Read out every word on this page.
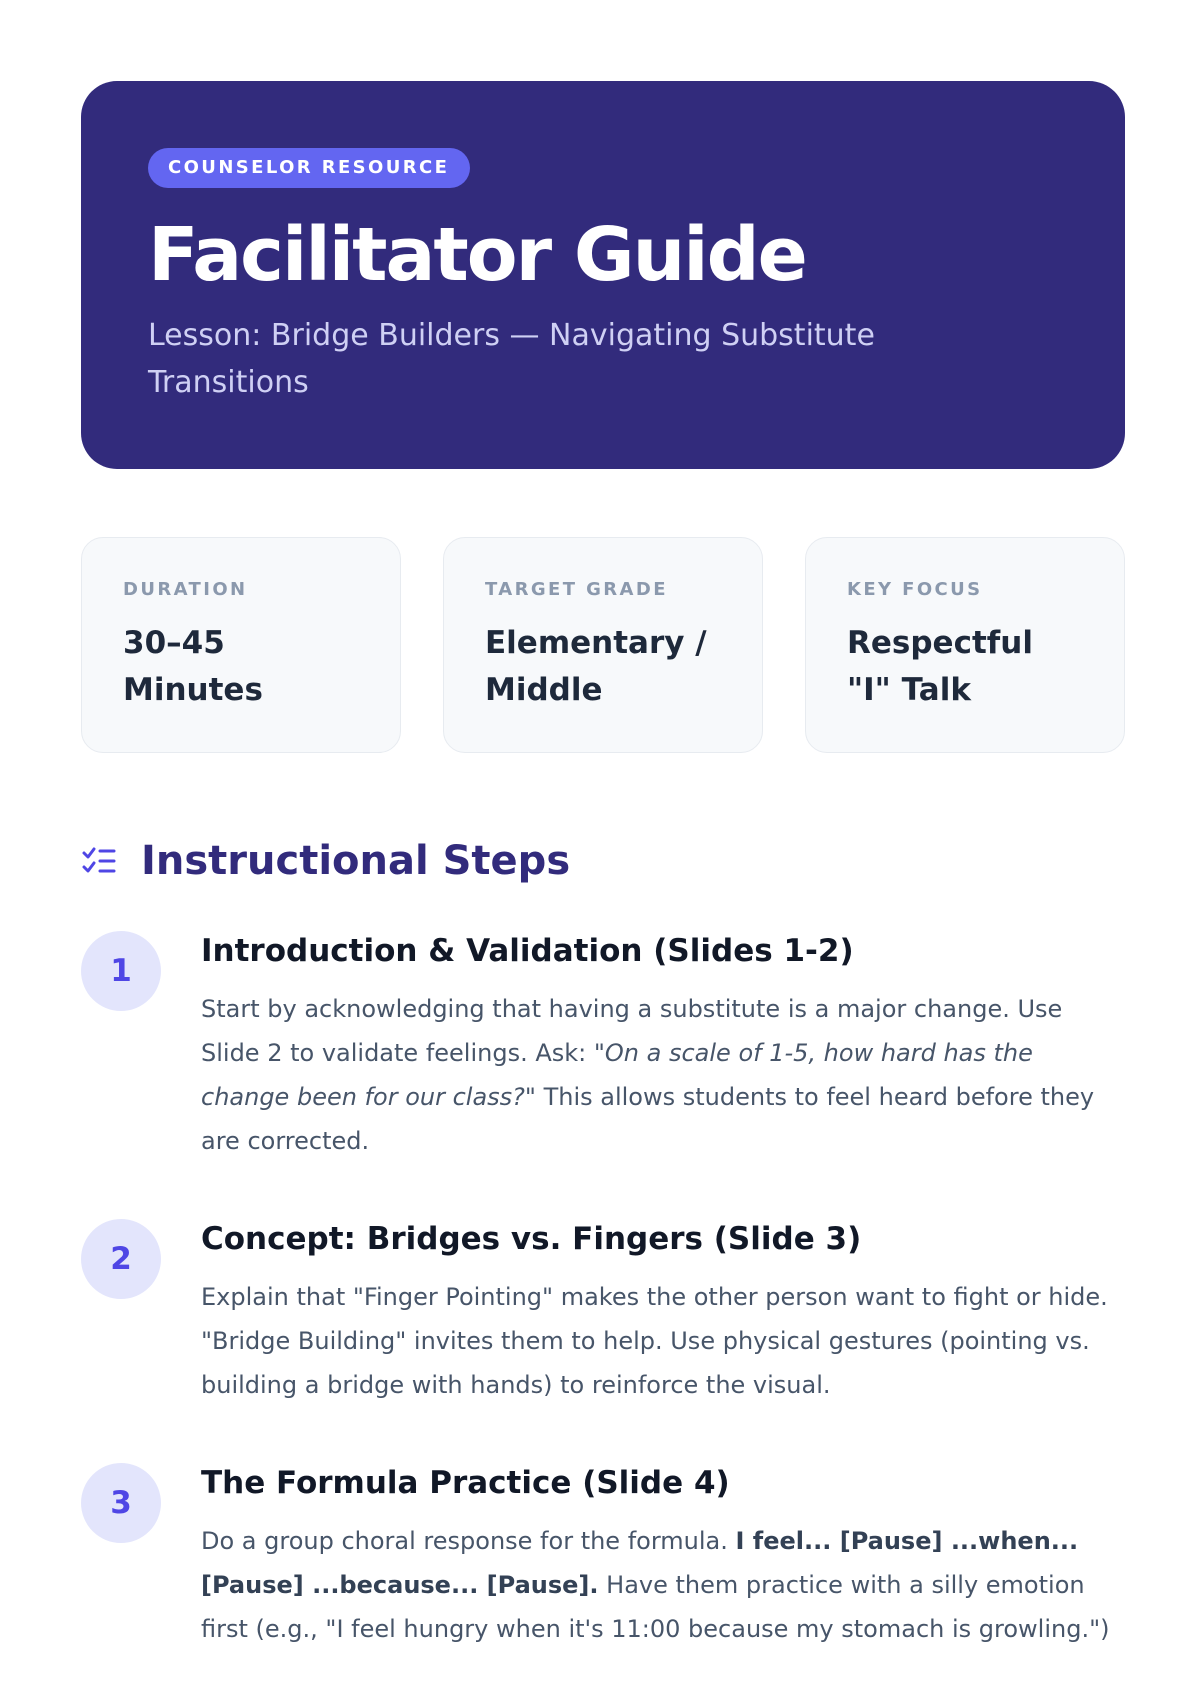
COUNSELOR RESOURCE
Facilitator Guide
Lesson: Bridge Builders — Navigating Substitute Transitions
DURATION
30–45 Minutes
TARGET GRADE
Elementary / Middle
KEY FOCUS
Respectful "I" Talk
Instructional Steps
1
Introduction & Validation (Slides 1-2)
Start by acknowledging that having a substitute is a major change. Use Slide 2 to validate feelings. Ask: "On a scale of 1-5, how hard has the change been for our class?" This allows students to feel heard before they are corrected.
2
Concept: Bridges vs. Fingers (Slide 3)
Explain that "Finger Pointing" makes the other person want to fight or hide. "Bridge Building" invites them to help. Use physical gestures (pointing vs. building a bridge with hands) to reinforce the visual.
3
The Formula Practice (Slide 4)
Do a group choral response for the formula. I feel... [Pause] ...when... [Pause] ...because... [Pause]. Have them practice with a silly emotion first (e.g., "I feel hungry when it's 11:00 because my stomach is growling.")
